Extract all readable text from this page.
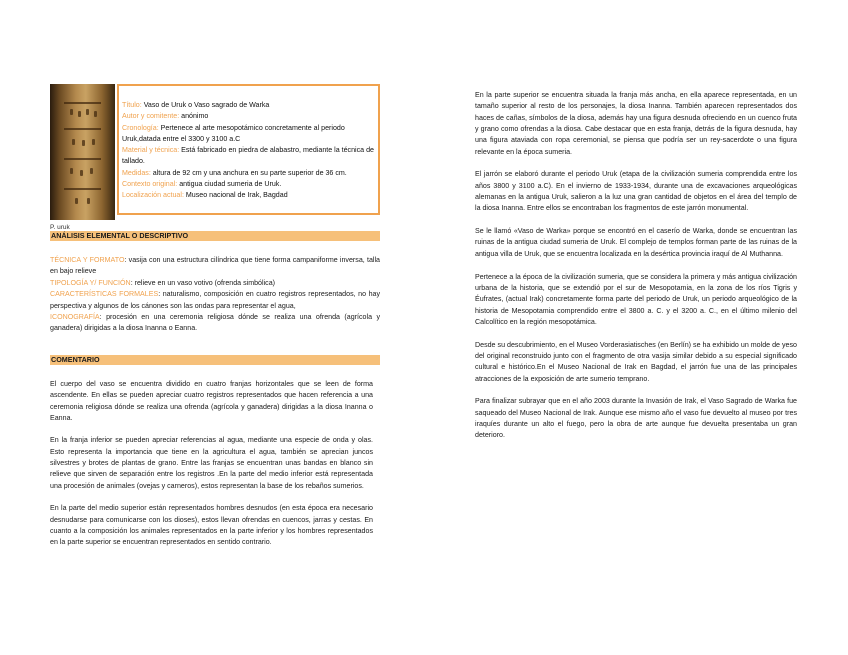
Título: Vaso de Uruk o Vaso sagrado de Warka

Autor y comitente: anónimo

Cronología: Pertenece al arte mesopotámico concretamente al periodo Uruk,datada entre el 3300 y 3100 a.C

Material y técnica: Está fabricado en piedra de alabastro, mediante la técnica de tallado.

Medidas: altura de 92 cm y una anchura en su parte superior de 36 cm.

Contexto original: antigua ciudad sumeria de Uruk.

Localización actual: Museo nacional de Irak, Bagdad

P. uruk
ANÁLISIS ELEMENTAL O DESCRIPTIVO

TÉCNICA Y FORMATO: vasija con una estructura cilíndrica que tiene forma campaniforme inversa, talla en bajo relieve

TIPOLOGÍA Y/ FUNCIÓN: relieve en un vaso votivo (ofrenda simbólica)

CARACTERÍSTICAS FORMALES: naturalismo, composición en cuatro registros representados, no hay perspectiva y algunos de los cánones son las ondas para representar el agua,

ICONOGRAFÍA: procesión en una ceremonia religiosa dónde se realiza una ofrenda (agrícola y ganadera) dirigidas a la diosa Inanna o Eanna.

COMENTARIO

El cuerpo del vaso se encuentra dividido en cuatro franjas horizontales que se leen de forma ascendente. En ellas se pueden apreciar cuatro registros representados que hacen referencia a una ceremonia religiosa dónde se realiza una ofrenda (agrícola y ganadera) dirigidas a la diosa Inanna o Eanna.

En la franja inferior se pueden apreciar referencias al agua, mediante una especie de onda y olas. Esto representa la importancia que tiene en la agricultura el agua, también se aprecian juncos silvestres y brotes de plantas de grano. Entre las franjas se encuentran unas bandas en blanco sin relieve que sirven de separación entre los registros .En la parte del medio inferior está representada una procesión de animales (ovejas y carneros), estos representan la base de los rebaños sumerios.

En la parte del medio superior están representados hombres desnudos (en esta época era necesario desnudarse para comunicarse con los dioses), estos llevan ofrendas en cuencos, jarras y cestas. En cuanto a la composición los animales representados en la parte inferior y los hombres representados en la parte superior se encuentran representados en sentido contrario.

En la parte superior se encuentra situada la franja más ancha, en ella aparece representada, en un tamaño superior al resto de los personajes, la diosa Inanna. También aparecen representados dos haces de cañas, símbolos de la diosa, además hay una figura desnuda ofreciendo en un cuenco fruta y grano como ofrendas a la diosa. Cabe destacar que en esta franja, detrás de la figura desnuda, hay una figura ataviada con ropa ceremonial, se piensa que podría ser un rey-sacerdote o una figura relevante en la época sumeria.

El jarrón se elaboró durante el periodo Uruk (etapa de la civilización sumeria comprendida entre los años 3800 y 3100 a.C). En el invierno de 1933-1934, durante una de excavaciones arqueológicas alemanas en la antigua Uruk, salieron a la luz una gran cantidad de objetos en el área del templo de la diosa Inanna. Entre ellos se encontraban los fragmentos de este jarrón monumental.

Se le llamó «Vaso de Warka» porque se encontró en el caserío de Warka, donde se encuentran las ruinas de la antigua ciudad sumeria de Uruk. El complejo de templos forman parte de las ruinas de la antigua villa de Uruk, que se encuentra localizada en la desértica provincia iraquí de Al Muthanna.

Pertenece a la época de la civilización sumeria, que se considera la primera y más antigua civilización urbana de la historia, que se extendió por el sur de Mesopotamia, en la zona de los ríos Tigris y Éufrates, (actual Irak) concretamente forma parte del periodo de Uruk, un periodo arqueológico de la historia de Mesopotamia comprendido entre el 3800 a. C. y el 3200 a. C., en el último milenio del Calcolítico en la región mesopotámica.

Desde su descubrimiento, en el Museo Vorderasiatisches (en Berlín) se ha exhibido un molde de yeso del original reconstruido junto con el fragmento de otra vasija similar debido a su especial significado cultural e histórico.En el Museo Nacional de Irak en Bagdad, el jarrón fue una de las principales atracciones de la exposición de arte sumerio temprano.

Para finalizar subrayar que en el año 2003 durante la Invasión de Irak, el Vaso Sagrado de Warka fue saqueado del Museo Nacional de Irak. Aunque ese mismo año el vaso fue devuelto al museo por tres iraquíes durante un alto el fuego, pero la obra de arte aunque fue devuelta presentaba un gran deterioro.
